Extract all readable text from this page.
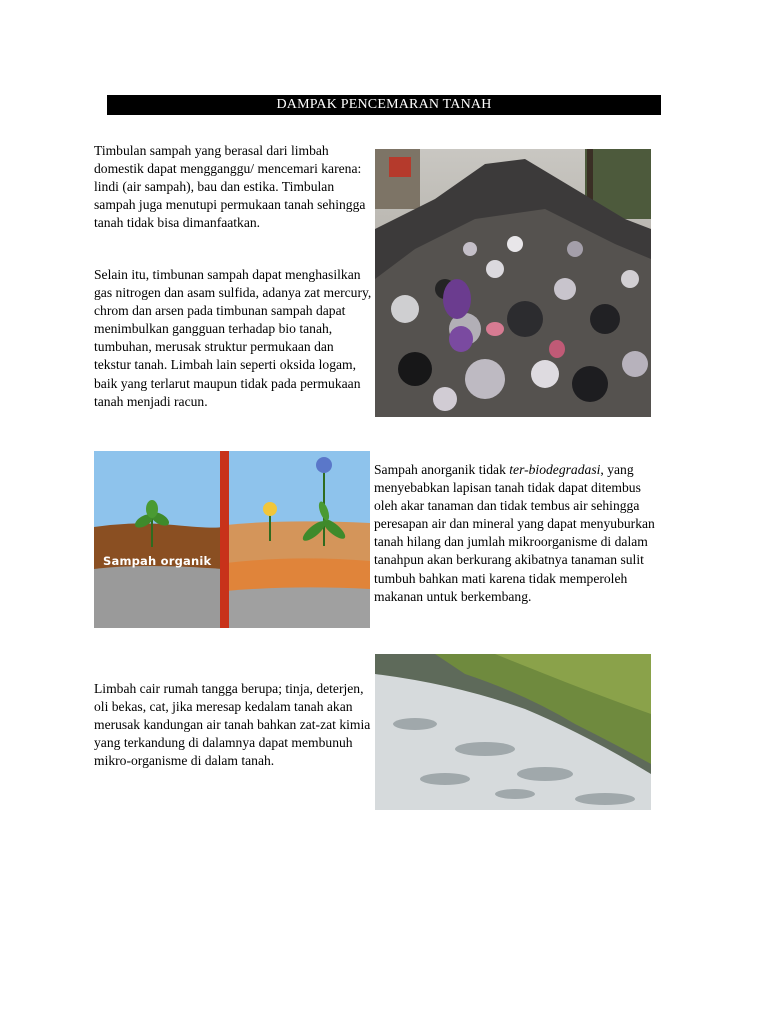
DAMPAK PENCEMARAN TANAH

Timbulan sampah yang berasal dari limbah domestik dapat mengganggu/ mencemari karena: lindi (air sampah), bau dan estika. Timbulan sampah juga menutupi permukaan tanah sehingga tanah tidak bisa dimanfaatkan.

Selain itu, timbunan sampah dapat menghasilkan gas nitrogen dan asam sulfida, adanya zat mercury, chrom dan arsen pada timbunan sampah dapat menimbulkan gangguan terhadap bio tanah, tumbuhan, merusak struktur permukaan dan tekstur tanah. Limbah lain seperti oksida logam, baik yang terlarut maupun tidak pada permukaan tanah menjadi racun.

Sampah anorganik tidak ter-biodegradasi, yang menyebabkan lapisan tanah tidak dapat ditembus oleh akar tanaman dan tidak tembus air sehingga peresapan air dan mineral yang dapat menyuburkan tanah hilang dan jumlah mikroorganisme di dalam tanahpun akan berkurang akibatnya tanaman sulit tumbuh bahkan mati karena tidak memperoleh makanan untuk berkembang.

Limbah cair rumah tangga berupa; tinja, deterjen, oli bekas, cat, jika meresap kedalam tanah akan merusak kandungan air tanah bahkan zat-zat kimia yang terkandung di dalamnya dapat membunuh mikro-organisme di dalam tanah.

Sampah organik
